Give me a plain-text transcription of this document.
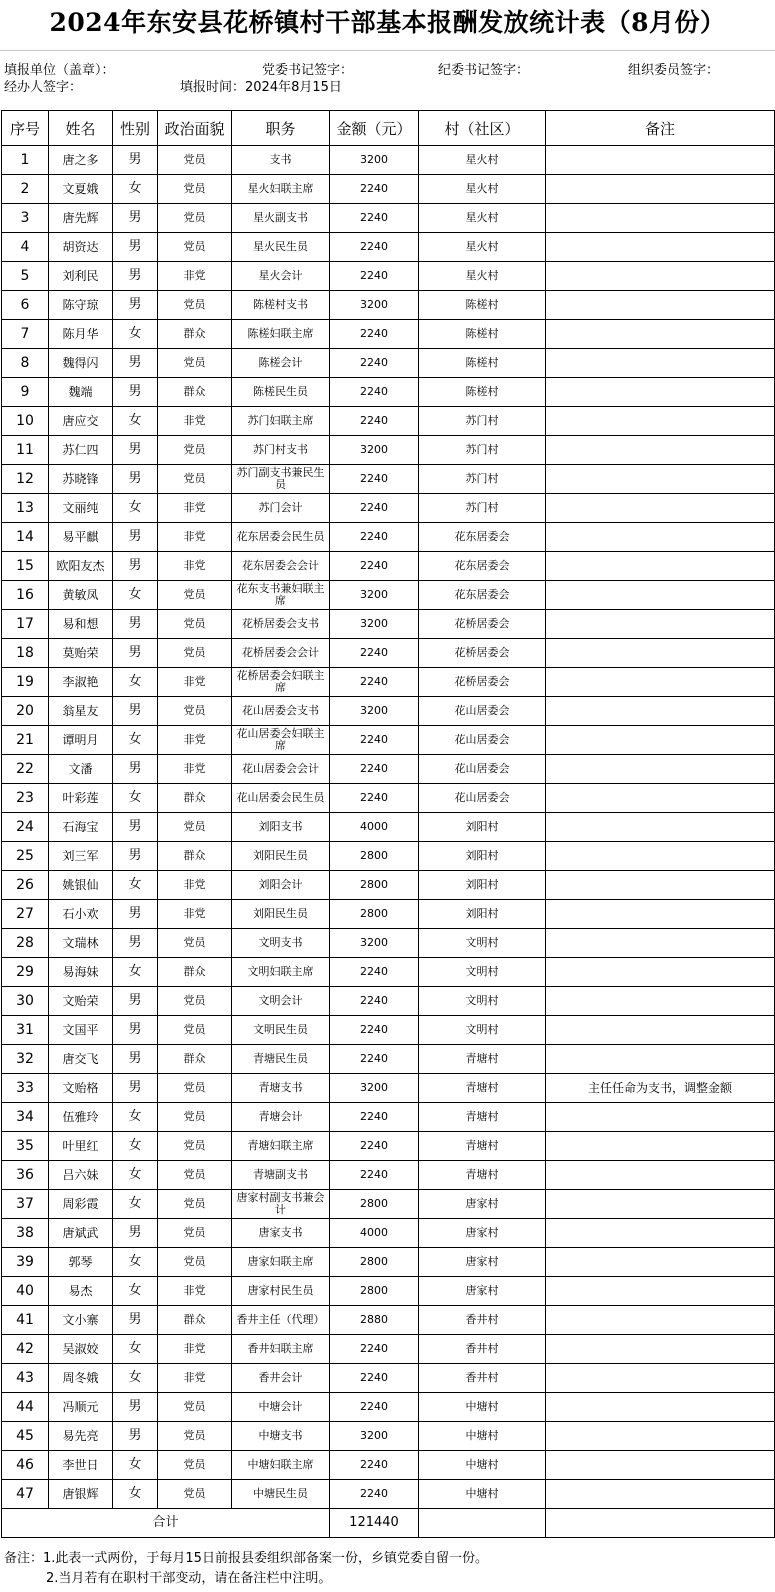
2024年东安县花桥镇村干部基本报酬发放统计表（8月份）
填报单位（盖章）：	党委书记签字：	纪委书记签字：	组织委员签字：
经办人签字：	填报时间：2024年8月15日
序号	姓名	性别	政治面貌	职务	金额（元）	村（社区）	备注
1	唐之多	男	党员	支书	3200	星火村	
2	文夏娥	女	党员	星火妇联主席	2240	星火村	
3	唐先辉	男	党员	星火副支书	2240	星火村	
4	胡资达	男	党员	星火民生员	2240	星火村	
5	刘利民	男	非党	星火会计	2240	星火村	
6	陈守琼	男	党员	陈槎村支书	3200	陈槎村	
7	陈月华	女	群众	陈槎妇联主席	2240	陈槎村	
8	魏得闪	男	党员	陈槎会计	2240	陈槎村	
9	魏端	男	群众	陈槎民生员	2240	陈槎村	
10	唐应交	女	非党	苏门妇联主席	2240	苏门村	
11	苏仁四	男	党员	苏门村支书	3200	苏门村	
12	苏晓锋	男	党员	苏门副支书兼民生员	2240	苏门村	
13	文丽纯	女	非党	苏门会计	2240	苏门村	
14	易平麒	男	非党	花东居委会民生员	2240	花东居委会	
15	欧阳友杰	男	非党	花东居委会会计	2240	花东居委会	
16	黄敏凤	女	党员	花东支书兼妇联主席	3200	花东居委会	
17	易和想	男	党员	花桥居委会支书	3200	花桥居委会	
18	莫贻荣	男	党员	花桥居委会会计	2240	花桥居委会	
19	李淑艳	女	非党	花桥居委会妇联主席	2240	花桥居委会	
20	翁星友	男	党员	花山居委会支书	3200	花山居委会	
21	谭明月	女	非党	花山居委会妇联主席	2240	花山居委会	
22	文潘	男	非党	花山居委会会计	2240	花山居委会	
23	叶彩莲	女	群众	花山居委会民生员	2240	花山居委会	
24	石海宝	男	党员	刘阳支书	4000	刘阳村	
25	刘三军	男	群众	刘阳民生员	2800	刘阳村	
26	姚银仙	女	非党	刘阳会计	2800	刘阳村	
27	石小欢	男	非党	刘阳民生员	2800	刘阳村	
28	文瑞林	男	党员	文明支书	3200	文明村	
29	易海妹	女	群众	文明妇联主席	2240	文明村	
30	文贻荣	男	党员	文明会计	2240	文明村	
31	文国平	男	党员	文明民生员	2240	文明村	
32	唐交飞	男	群众	青塘民生员	2240	青塘村	
33	文贻格	男	党员	青塘支书	3200	青塘村	主任任命为支书，调整金额
34	伍雅玲	女	党员	青塘会计	2240	青塘村	
35	叶里红	女	党员	青塘妇联主席	2240	青塘村	
36	吕六妹	女	党员	青塘副支书	2240	青塘村	
37	周彩霞	女	党员	唐家村副支书兼会计	2800	唐家村	
38	唐斌武	男	党员	唐家支书	4000	唐家村	
39	郭琴	女	党员	唐家妇联主席	2800	唐家村	
40	易杰	女	非党	唐家村民生员	2800	唐家村	
41	文小寨	男	群众	香井主任（代理）	2880	香井村	
42	吴淑姣	女	非党	香井妇联主席	2240	香井村	
43	周冬娥	女	非党	香井会计	2240	香井村	
44	冯顺元	男	党员	中塘会计	2240	中塘村	
45	易先亮	男	党员	中塘支书	3200	中塘村	
46	李世日	女	党员	中塘妇联主席	2240	中塘村	
47	唐银辉	女	党员	中塘民生员	2240	中塘村	
合计					121440		
备注：1.此表一式两份，于每月15日前报县委组织部备案一份，乡镇党委自留一份。
2.当月若有在职村干部变动，请在备注栏中注明。
